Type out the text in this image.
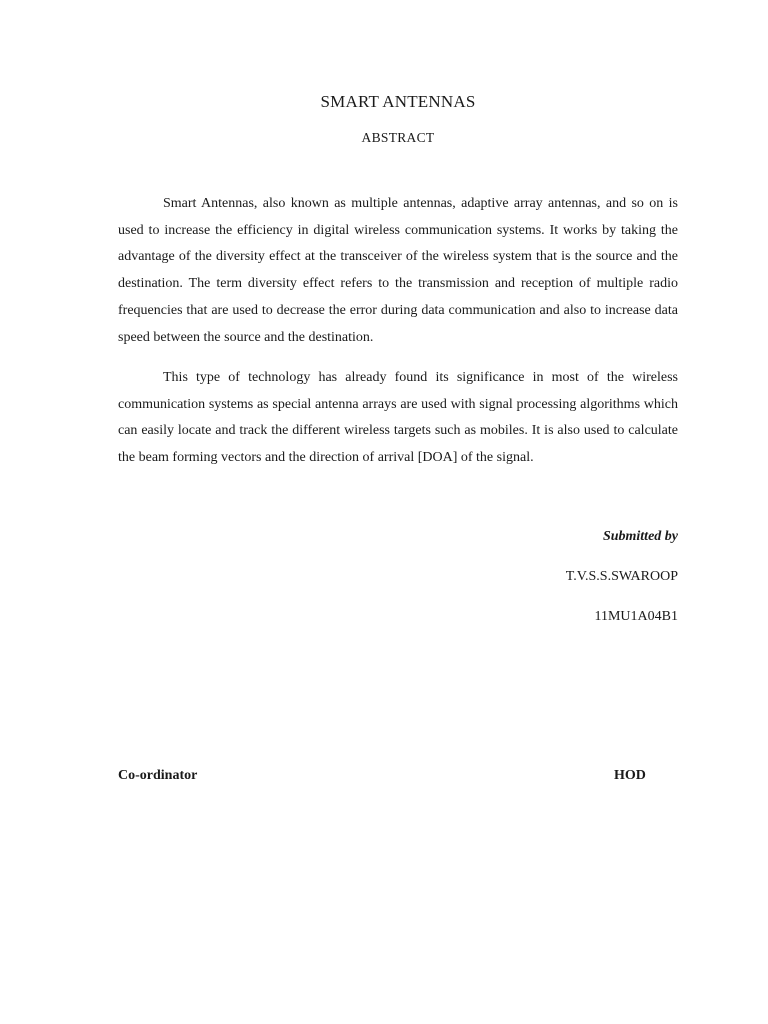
SMART ANTENNAS
ABSTRACT

Smart Antennas, also known as multiple antennas, adaptive array antennas, and so on is used to increase the efficiency in digital wireless communication systems. It works by taking the advantage of the diversity effect at the transceiver of the wireless system that is the source and the destination. The term diversity effect refers to the transmission and reception of multiple radio frequencies that are used to decrease the error during data communication and also to increase data speed between the source and the destination.

This type of technology has already found its significance in most of the wireless communication systems as special antenna arrays are used with signal processing algorithms which can easily locate and track the different wireless targets such as mobiles. It is also used to calculate the beam forming vectors and the direction of arrival [DOA] of the signal.

Submitted by
T.V.S.S.SWAROOP
11MU1A04B1
Co-ordinator	HOD
